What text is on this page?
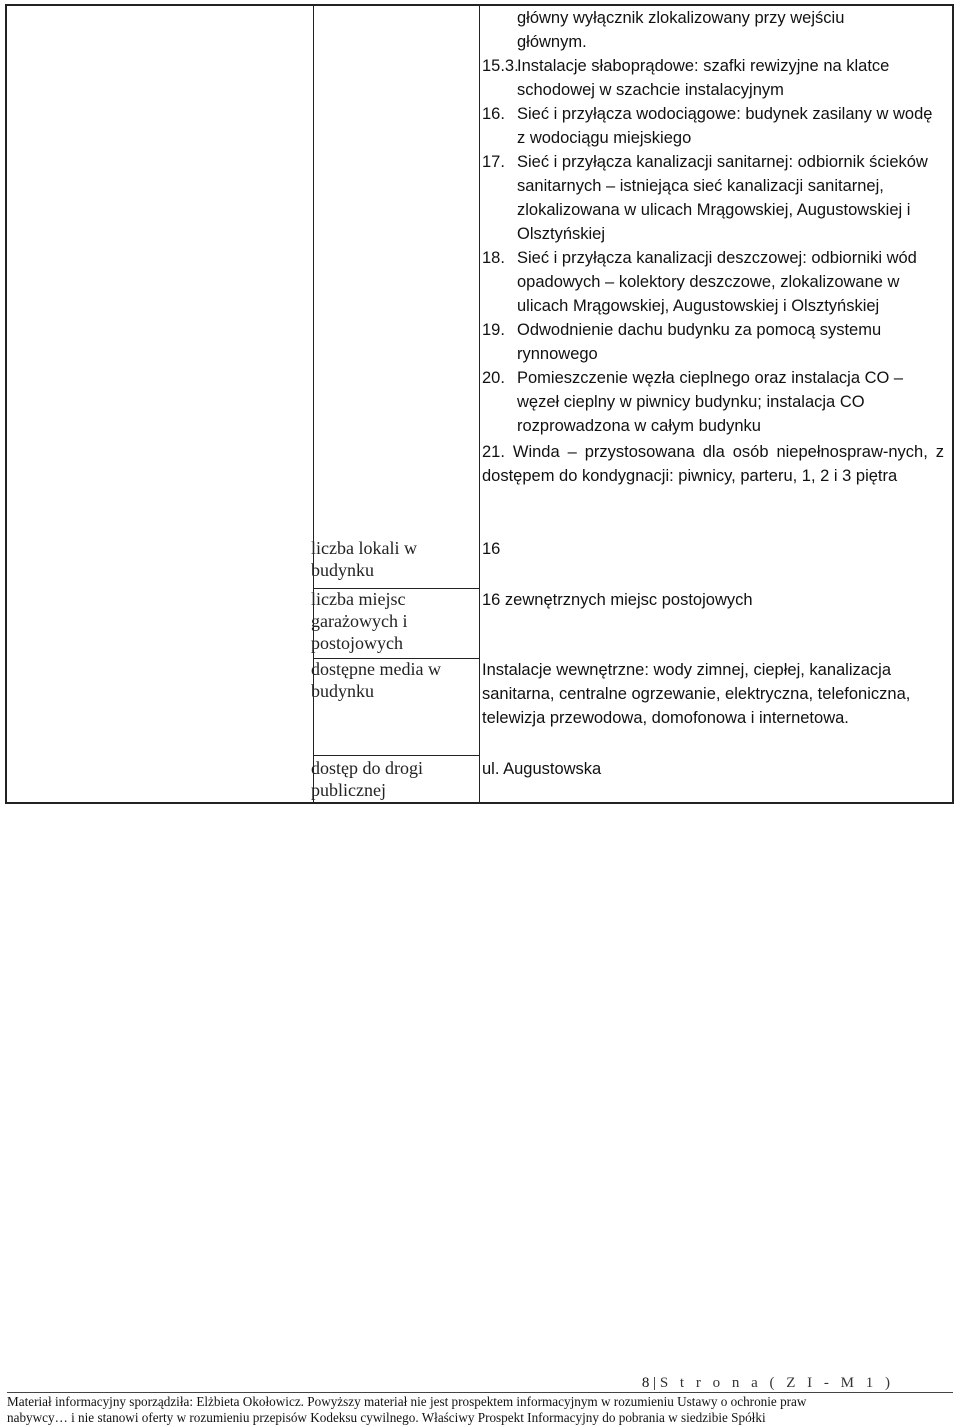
główny wyłącznik zlokalizowany przy wejściu
głównym.
15.3.
Instalacje słaboprądowe: szafki rewizyjne na klatce schodowej w szachcie instalacyjnym
16. Sieć i przyłącza wodociągowe: budynek zasilany w wodę z wodociągu miejskiego
17. Sieć i przyłącza kanalizacji sanitarnej: odbiornik ścieków sanitarnych – istniejąca sieć kanalizacji sanitarnej, zlokalizowana w ulicach Mrągowskiej, Augustowskiej i Olsztyńskiej
18. Sieć i przyłącza kanalizacji deszczowej: odbiorniki wód opadowych – kolektory deszczowe, zlokalizowane w ulicach Mrągowskiej, Augustowskiej i Olsztyńskiej
19. Odwodnienie dachu budynku za pomocą systemu rynnowego
20. Pomieszczenie węzła cieplnego oraz instalacja CO – węzeł cieplny w piwnicy budynku; instalacja CO rozprowadzona w całym budynku
21. Winda – przystosowana dla osób niepełnospraw-nych, z dostępem do kondygnacji: piwnicy, parteru, 1, 2 i 3 piętra
liczba lokali w budynku
16
liczba miejsc garażowych i postojowych
16 zewnętrznych miejsc postojowych
dostępne media w budynku
Instalacje wewnętrzne: wody zimnej, ciepłej, kanalizacja sanitarna, centralne ogrzewanie, elektryczna, telefoniczna, telewizja przewodowa, domofonowa i internetowa.
dostęp do drogi publicznej
ul. Augustowska
8 | S t r o n a ( Z I - M 1 )
Materiał informacyjny sporządziła: Elżbieta Okołowicz. Powyższy materiał nie jest prospektem informacyjnym w rozumieniu Ustawy o ochronie praw
nabywcy… i nie stanowi oferty w rozumieniu przepisów Kodeksu cywilnego. Właściwy Prospekt Informacyjny do pobrania w siedzibie Spółki
